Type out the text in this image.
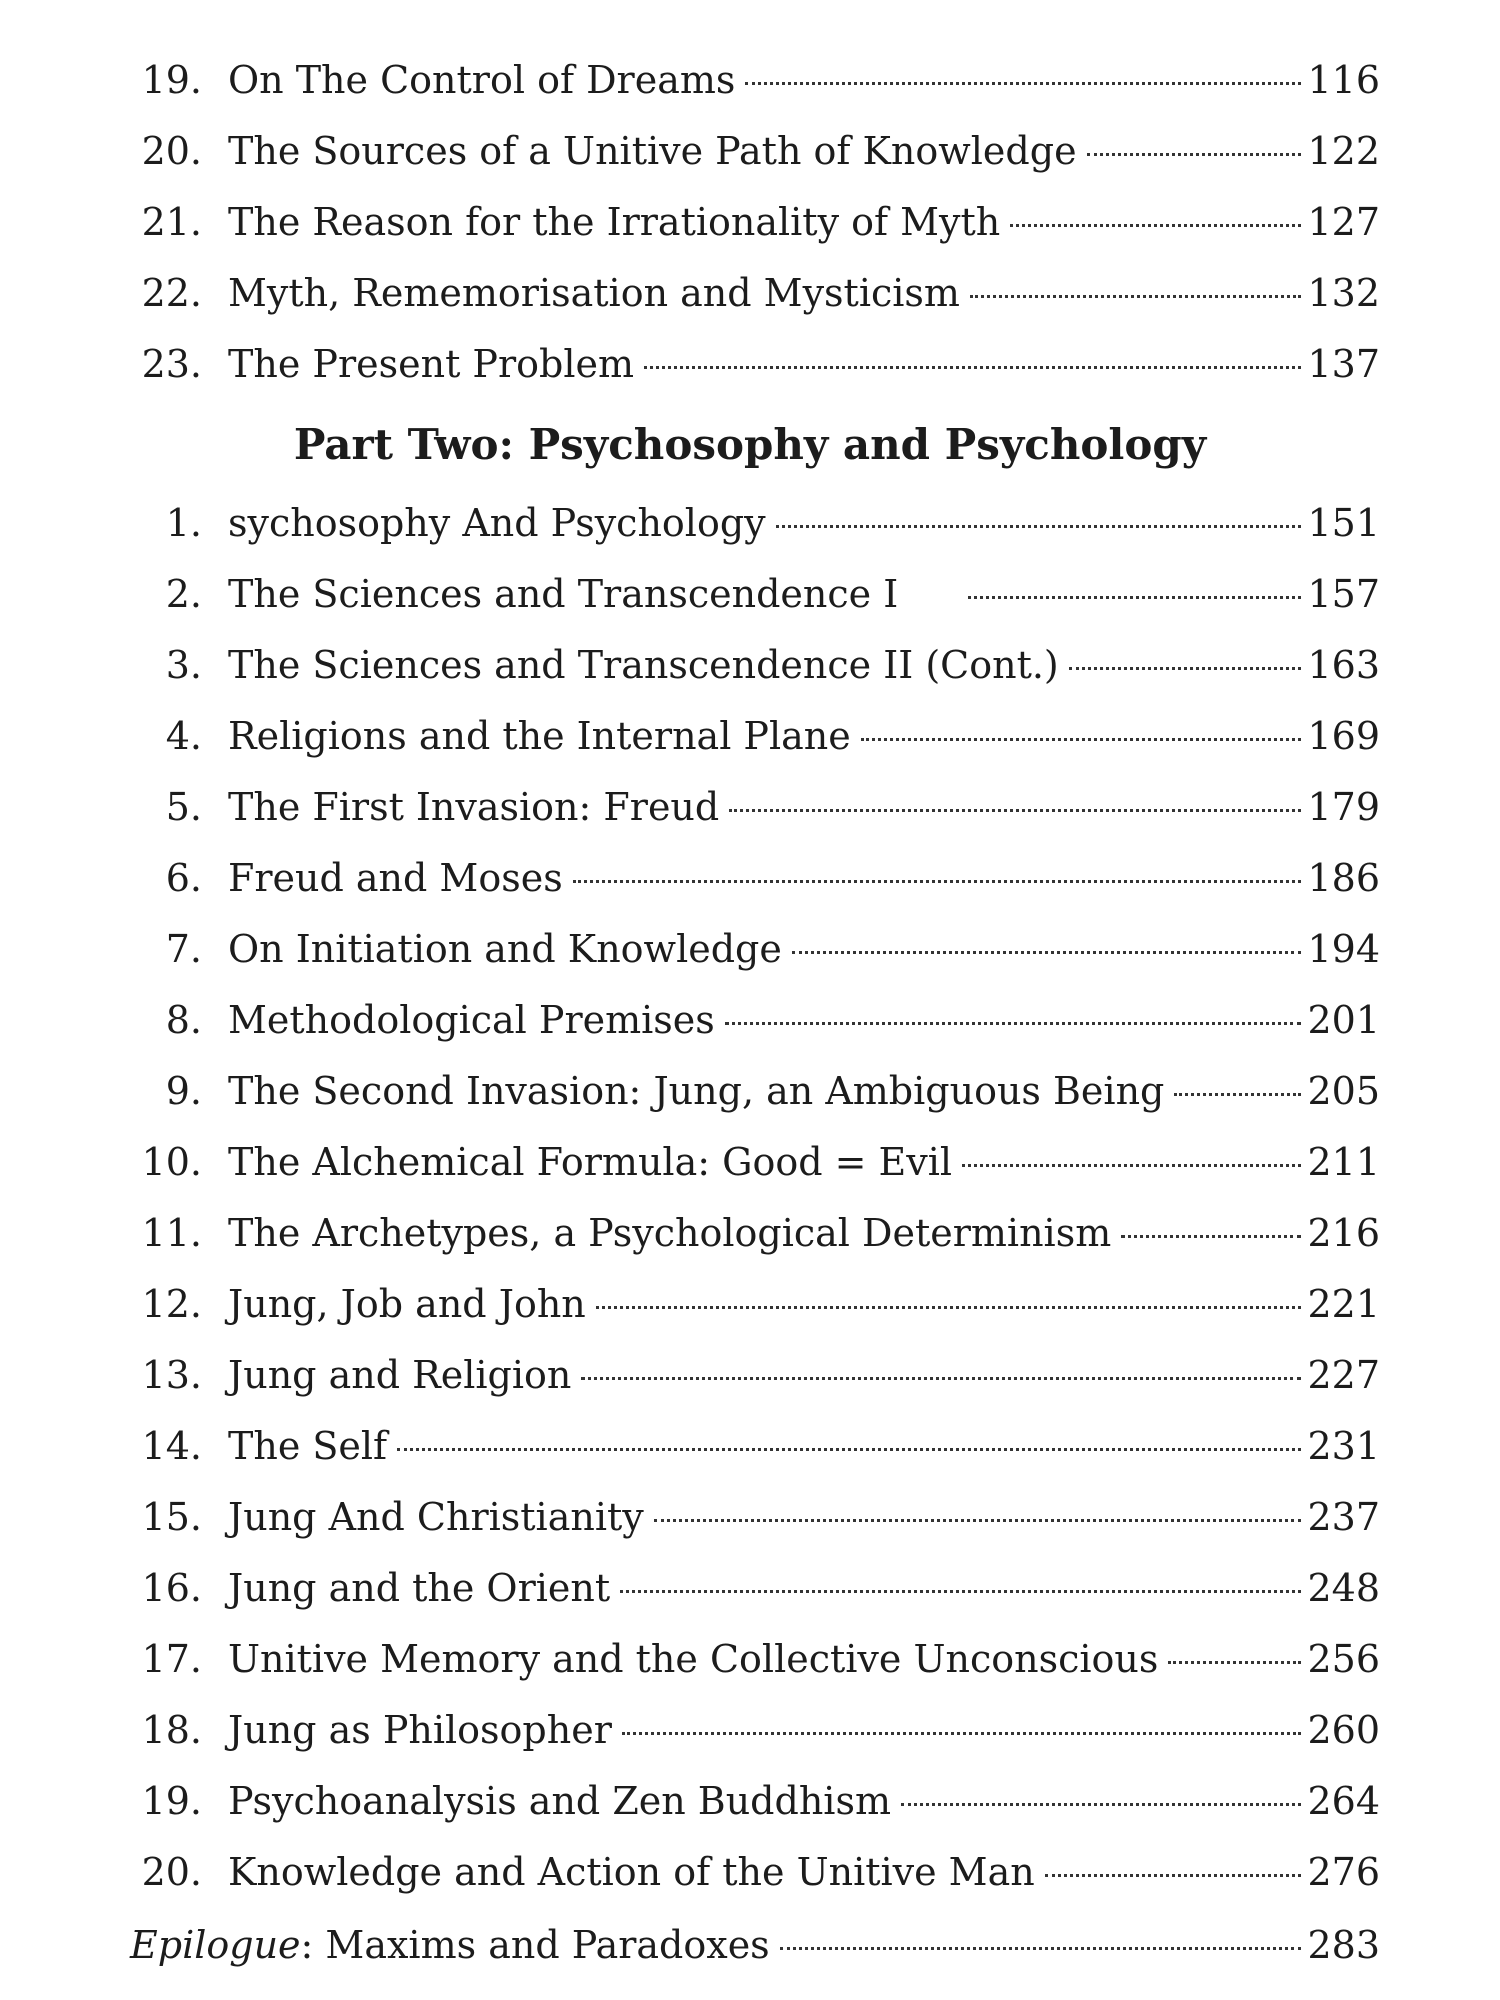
19. On The Control of Dreams	116
20. The Sources of a Unitive Path of Knowledge	122
21. The Reason for the Irrationality of Myth	127
22. Myth, Rememorisation and Mysticism	132
23. The Present Problem	137
Part Two: Psychosophy and Psychology
1. sychosophy And Psychology	151
2. The Sciences and Transcendence I	157
3. The Sciences and Transcendence II (Cont.)	163
4. Religions and the Internal Plane	169
5. The First Invasion: Freud	179
6. Freud and Moses	186
7. On Initiation and Knowledge	194
8. Methodological Premises	201
9. The Second Invasion: Jung, an Ambiguous Being	205
10. The Alchemical Formula: Good = Evil	211
11. The Archetypes, a Psychological Determinism	216
12. Jung, Job and John	221
13. Jung and Religion	227
14. The Self	231
15. Jung And Christianity	237
16. Jung and the Orient	248
17. Unitive Memory and the Collective Unconscious	256
18. Jung as Philosopher	260
19. Psychoanalysis and Zen Buddhism	264
20. Knowledge and Action of the Unitive Man	276
Epilogue : Maxims and Paradoxes	283
